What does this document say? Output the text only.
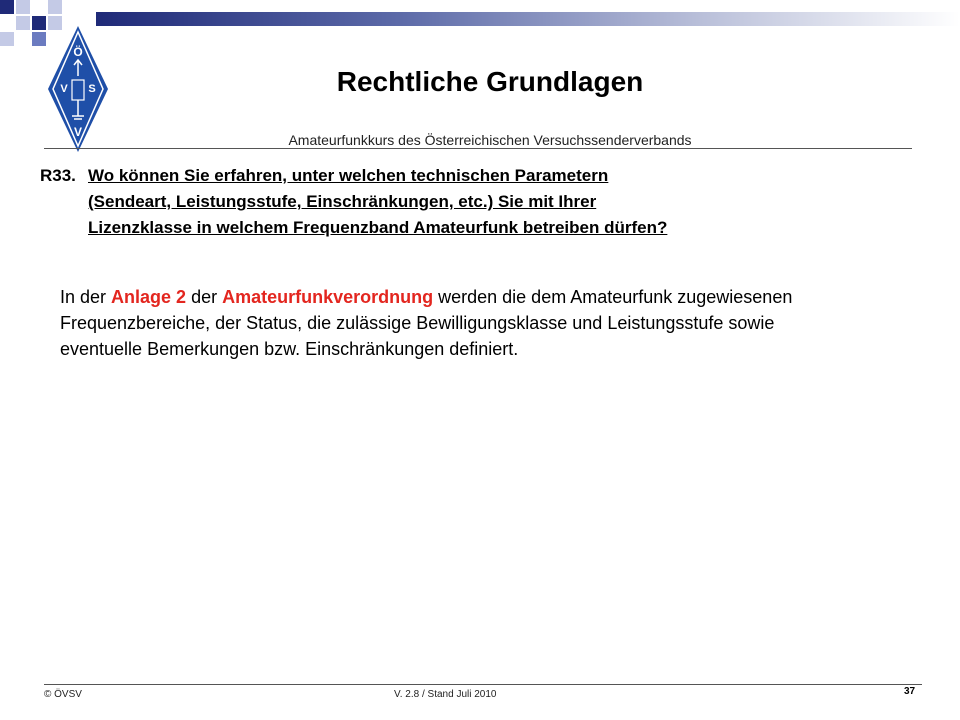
Ö
V S
V
Rechtliche Grundlagen
Amateurfunkkurs des Österreichischen Versuchssenderverbands
R33. Wo können Sie erfahren, unter welchen technischen Parametern
(Sendeart, Leistungsstufe, Einschränkungen, etc.) Sie mit Ihrer
Lizenzklasse in welchem Frequenzband Amateurfunk betreiben dürfen?
In der Anlage 2 der Amateurfunkverordnung werden die dem Amateurfunk zugewiesenen Frequenzbereiche, der Status, die zulässige Bewilligungsklasse und Leistungsstufe sowie eventuelle Bemerkungen bzw. Einschränkungen definiert.
© ÖVSV	V. 2.8 / Stand Juli 2010	37
